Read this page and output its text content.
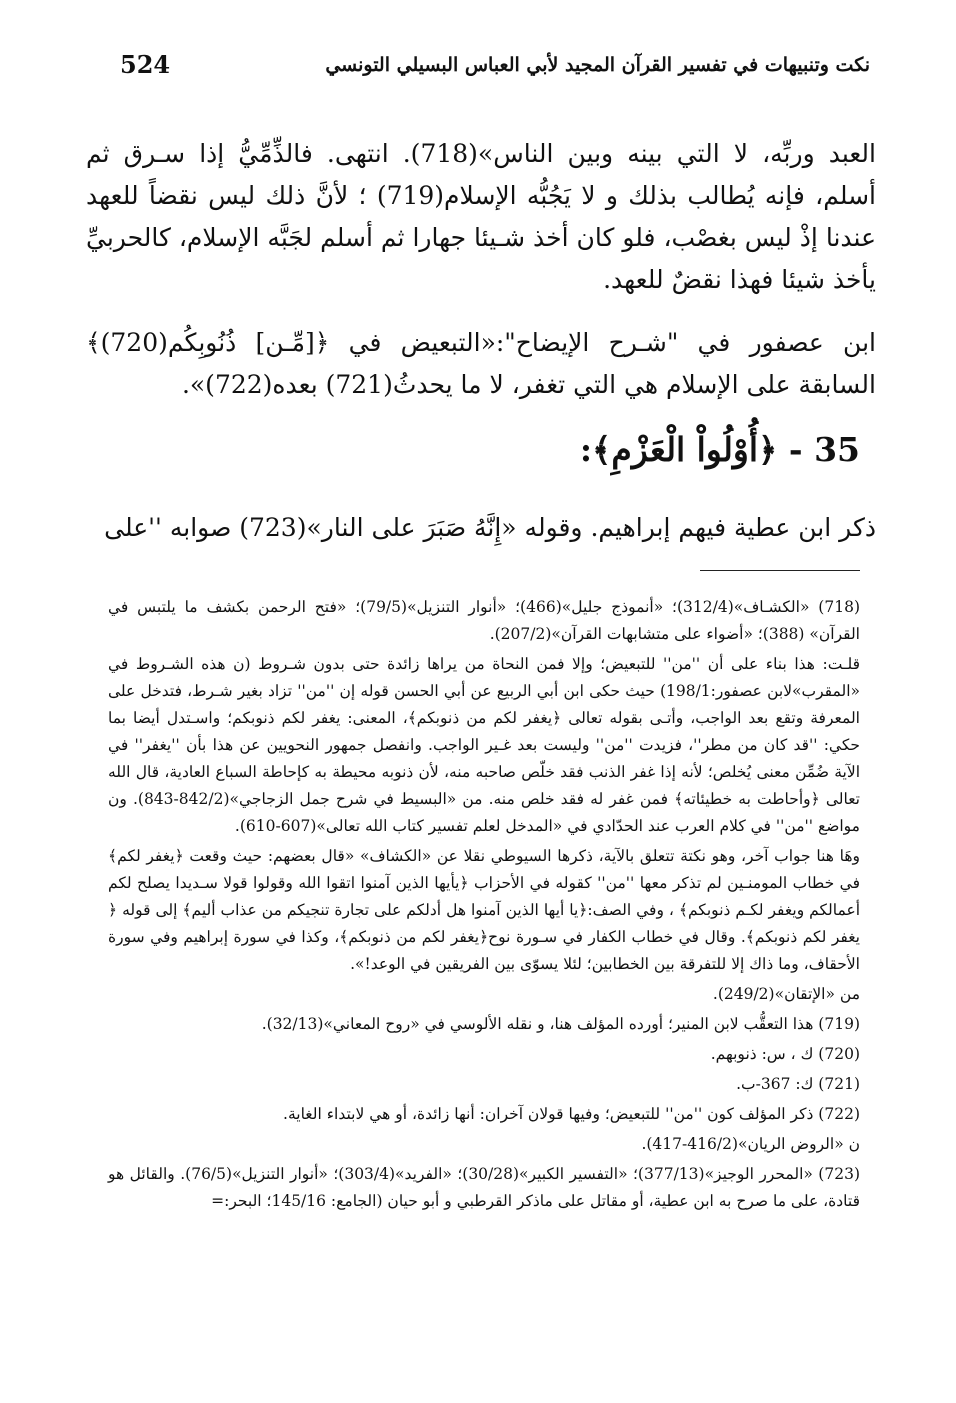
524	نكت وتنبيهات في تفسير القرآن المجيد لأبي العباس البسيلي التونسي

العبد وربِّه، لا التي بينه وبين الناس»(718). انتهى. فالذِّمِّيُّ إذا سـرق ثم أسلم، فإنه يُطالب بذلك و لا يَجُبُّه الإسلام(719) ؛ لأنَّ ذلك ليس نقضاً للعهد عندنا إذْ ليس بغصْب، فلو كان أخذ شـيئا جهارا ثم أسلم لجَبَّه الإسلام، كالحربيِّ يأخذ شيئا فهذا نقضٌ للعهد.

ابن عصفور في "شـرح الإيضاح":«التبعيض في ﴿[مِّـن] ذُنُوبِكُم(720)﴾ السابقة على الإسلام هي التي تغفر، لا ما يحدثُ(721) بعده(722)».

35 - ﴿أُوْلُواْ الْعَزْمِ﴾:

ذكر ابن عطية فيهم إبراهيم. وقوله «إِنَّهُ صَبَرَ على النار»(723) صوابه ''على

(718) «الكشـاف»(312/4)؛ «أنموذج جليل»(466)؛ «أنوار التنزيل»(79/5)؛ «فتح الرحمن بكشف ما يلتبس في القرآن» (388)؛ «أضواء على متشابهات القرآن»(207/2).

قلـت: هذا بناء على أن ''من'' للتبعيض؛ وإلا فمن النحاة من يراها زائدة حتى بدون شـروط (ن هذه الشـروط في «المقرب»لابن عصفور:198/1) حيث حكى ابن أبي الربيع عن أبي الحسن قوله إن ''من'' تزاد بغير شـرط، فتدخل على المعرفة وتقع بعد الواجب، وأتـى بقوله تعالى ﴿يغفر لكم من ذنوبكم﴾، المعنى: يغفر لكم ذنوبكم؛ واسـتدل أيضا بما حكي: ''قد كان من مطر''، فزيدت ''من'' وليست بعد غـير الواجب. وانفصل جمهور النحويين عن هذا بأن ''يغفر'' في الآية ضُمِّن معنى يُخلص؛ لأنه إذا غفر الذنب فقد خلّص صاحبه منه، لأن ذنوبه محيطة به كإحاطة السباع العادية، قال الله تعالى ﴿وأحاطت به خطيئاته﴾ فمن غفر له فقد خلص منه. من «البسيط في شرح جمل الزجاجي»(842/2-843). ون مواضع ''من'' في كلام العرب عند الحدّادي في «المدخل لعلم تفسير كتاب الله تعالى»(607-610).

وهَا هنا جواب آخر، وهو نكتة تتعلق بالآية، ذكرها السيوطي نقلا عن «الكشاف» «قال بعضهم: حيث وقعت ﴿يغفر لكم﴾ في خطاب المومنـين لم تذكر معها ''من'' كقوله في الأحزاب ﴿يأيها الذين آمنوا اتقوا الله وقولوا قولا سـديدا يصلح لكم أعمالكم ويغفر لكـم ذنوبكم﴾ ، وفي الصف:﴿يا أيها الذين آمنوا هل أدلكم على تجارة تنجيكم من عذاب أليم﴾ إلى قوله ﴿ يغفر لكم ذنوبكم﴾. وقال في خطاب الكفار في سـورة نوح﴿يغفر لكم من ذنوبكم﴾، وكذا في سورة إبراهيم وفي سورة الأحقاف، وما ذاك إلا للتفرقة بين الخطابين؛ لئلا يسوّى بين الفريقين في الوعد!».

من «الإتقان»(249/2).

(719) هذا التعقُّب لابن المنير؛ أورده المؤلف هنا، و نقله الألوسي في «روح المعاني»(32/13).

(720) ك ، س: ذنوبهم.

(721) ك: 367-ب.

(722) ذكر المؤلف كون ''من'' للتبعيض؛ وفيها قولان آخران: أنها زائدة، أو هي لابتداء الغاية.

ن «الروض الريان»(416/2-417).

(723) «المحرر الوجيز»(377/13)؛ «التفسير الكبير»(30/28)؛ «الفريد»(303/4)؛ «أنوار التنزيل»(76/5). والقائل هو قتادة، على ما صرح به ابن عطية، أو مقاتل على ماذكر القرطبي و أبو حيان (الجامع: 145/16؛ البحر:=
